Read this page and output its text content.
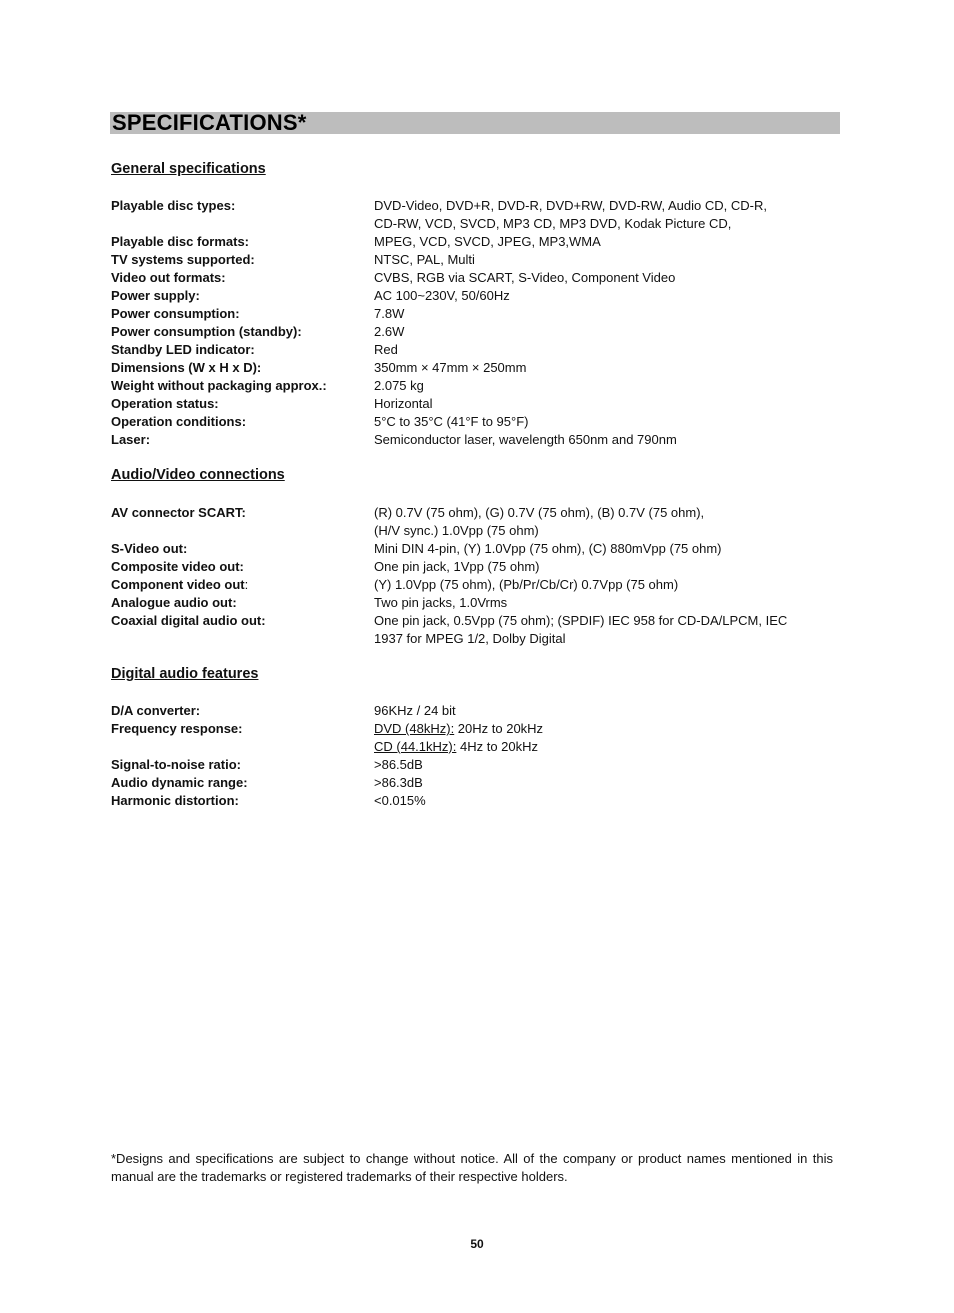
SPECIFICATIONS*
General specifications
Playable disc types:	DVD-Video, DVD+R, DVD-R, DVD+RW, DVD-RW, Audio CD, CD-R,
CD-RW, VCD, SVCD, MP3 CD, MP3 DVD, Kodak Picture CD,
Playable disc formats:	MPEG, VCD, SVCD, JPEG, MP3,WMA
TV systems supported:	NTSC, PAL, Multi
Video out formats:	CVBS, RGB via SCART, S-Video, Component Video
Power supply:	AC 100~230V, 50/60Hz
Power consumption:	7.8W
Power consumption (standby):	2.6W
Standby LED indicator:	Red
Dimensions (W x H x D):	350mm × 47mm × 250mm
Weight without packaging approx.:	2.075 kg
Operation status:	Horizontal
Operation conditions:	5°C to 35°C (41°F to 95°F)
Laser:	Semiconductor laser, wavelength 650nm and 790nm
Audio/Video connections
AV connector SCART:	(R) 0.7V (75 ohm), (G) 0.7V (75 ohm), (B) 0.7V (75 ohm),
(H/V sync.) 1.0Vpp (75 ohm)
S-Video out:	Mini DIN 4-pin, (Y) 1.0Vpp (75 ohm), (C) 880mVpp (75 ohm)
Composite video out:	One pin jack, 1Vpp (75 ohm)
Component video out:	(Y) 1.0Vpp (75 ohm), (Pb/Pr/Cb/Cr) 0.7Vpp (75 ohm)
Analogue audio out:	Two pin jacks, 1.0Vrms
Coaxial digital audio out:	One pin jack, 0.5Vpp (75 ohm); (SPDIF) IEC 958 for CD-DA/LPCM, IEC
1937 for MPEG 1/2, Dolby Digital
Digital audio features
D/A converter:	96KHz / 24 bit
Frequency response:	DVD (48kHz): 20Hz to 20kHz
CD (44.1kHz): 4Hz to 20kHz
Signal-to-noise ratio:	>86.5dB
Audio dynamic range:	>86.3dB
Harmonic distortion:	<0.015%
*Designs and specifications are subject to change without notice. All of the company or product names mentioned in this manual are the trademarks or registered trademarks of their respective holders.
50
